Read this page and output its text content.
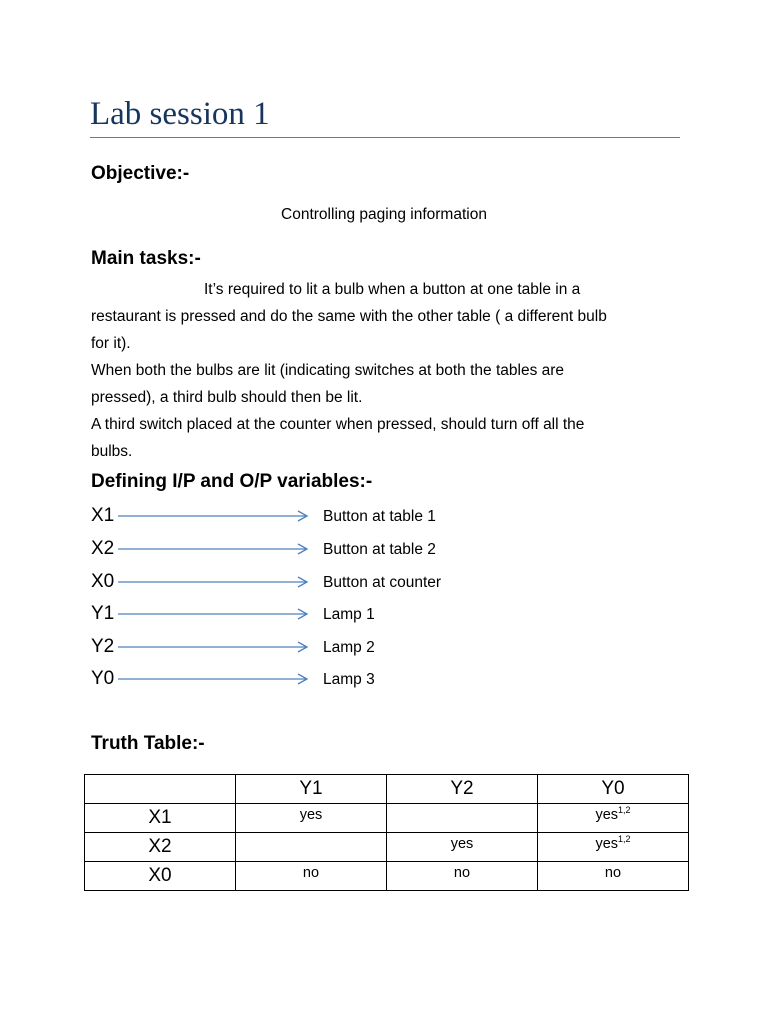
Lab session 1
Objective:-
Controlling paging information
Main tasks:-

It’s required to lit a bulb when a button at one table in a

restaurant is pressed and do the same with the other table ( a different bulb

for it).

When both the bulbs are lit (indicating switches at both the tables are

pressed), a third bulb should then be lit.

A third switch placed at the counter when pressed, should turn off all the

bulbs.

Defining I/P and O/P variables:-
X1	Button at table 1
X2	Button at table 2
X0	Button at counter
Y1	Lamp 1
Y2	Lamp 2
Y0	Lamp 3
Truth Table:-
	Y1	Y2	Y0
X1	yes		yes$^{1,2}$
X2		yes	yes$^{1,2}$
X0	no	no	no
